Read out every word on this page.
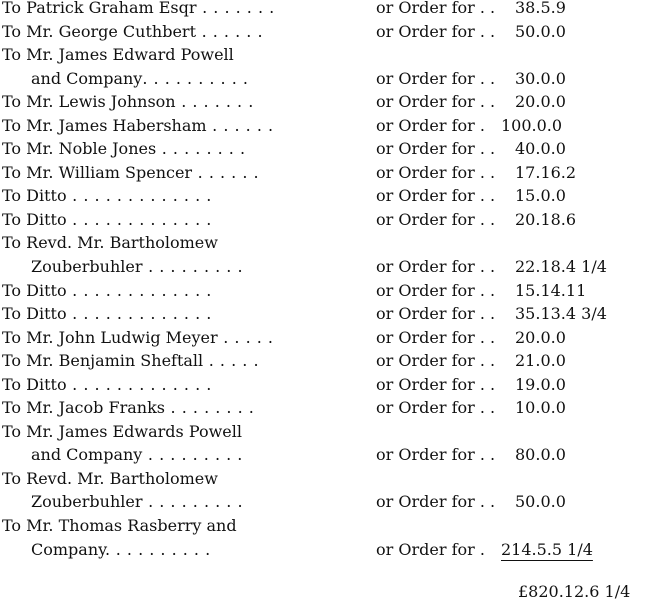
To Patrick Graham Esqr . . . . . . .	or Order for . . 38.5.9
To Mr. George Cuthbert . . . . . .	or Order for . . 50.0.0
To Mr. James Edward Powell
and Company. . . . . . . . . .	or Order for . . 30.0.0
To Mr. Lewis Johnson . . . . . . .	or Order for . . 20.0.0
To Mr. James Habersham . . . . . .	or Order for . 100.0.0
To Mr. Noble Jones . . . . . . . .	or Order for . . 40.0.0
To Mr. William Spencer . . . . . .	or Order for . . 17.16.2
To Ditto . . . . . . . . . . . . .	or Order for . . 15.0.0
To Ditto . . . . . . . . . . . . .	or Order for . . 20.18.6
To Revd. Mr. Bartholomew
Zouberbuhler . . . . . . . . .	or Order for . . 22.18.4 1/4
To Ditto . . . . . . . . . . . . .	or Order for . . 15.14.11
To Ditto . . . . . . . . . . . . .	or Order for . . 35.13.4 3/4
To Mr. John Ludwig Meyer . . . . .	or Order for . . 20.0.0
To Mr. Benjamin Sheftall . . . . .	or Order for . . 21.0.0
To Ditto . . . . . . . . . . . . .	or Order for . . 19.0.0
To Mr. Jacob Franks . . . . . . . .	or Order for . . 10.0.0
To Mr. James Edwards Powell
and Company . . . . . . . . .	or Order for . . 80.0.0
To Revd. Mr. Bartholomew
Zouberbuhler . . . . . . . . .	or Order for . . 50.0.0
To Mr. Thomas Rasberry and
Company. . . . . . . . . .	or Order for . 214.5.5 1/4
£820.12.6 1/4
